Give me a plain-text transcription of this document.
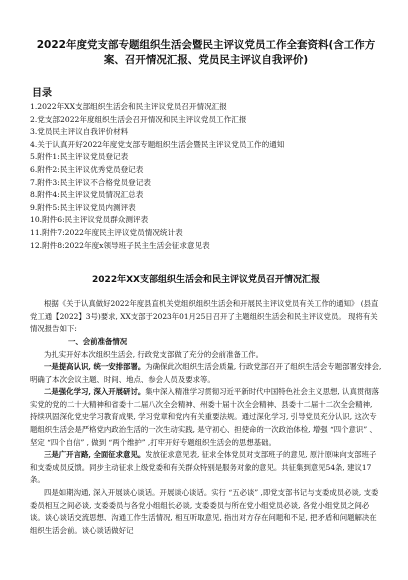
2022年度党支部专题组织生活会暨民主评议党员工作全套资料(含工作方案、召开情况汇报、党员民主评议自我评价)
目录
1.2022年XX支部组织生活会和民主评议党员召开情况汇报
2.党支部2022年度组织生活会召开情况和民主评议党员工作汇报
3.党员民主评议自我评价材料
4.关于认真开好2022年度党支部专题组织生活会暨民主评议党员工作的通知
5.附件1:民主评议党员登记表
6.附件2:民主评议优秀党员登记表
7.附件3:民主评议不合格党员登记表
8.附件4:民主评议党员情况汇总表
9.附件5:民主评议党员内测评表
10.附件6:民主评议党员群众测评表
11.附件7:2022年度民主评议党员情况统计表
12.附件8:2022年度x领导班子民主生活会征求意见表
2022年XX支部组织生活会和民主评议党员召开情况汇报

根据《关于认真做好2022年度县直机关党组织组织生活会和开展民主评议党员有关工作的通知》 (县直党工通【2022】3号)要求, XX支部于2023年01月25日召开了主题组织生活会和民主评议党员。 现将有关情况报告如下:

一、会前准备情况

为扎实开好本次组织生活会, 行政党支部做了充分的会前准备工作。

一是提高认识, 统一安排部署。为确保此次组织生活会质量, 行政党部召开了组织生活会专题部署安排会, 明确了本次会议主题、时间、地点、参会人员及要求等。

二是强化学习, 深入开展研讨。集中深入精准学习贯彻习近平新时代中国特色社会主义思想, 认真贯彻落实党的党的二十大精神和省委十二届八次全会精神、州委十届十次全会精神、县委十二届十二次全会精神, 持续巩固深化党史学习教育成果, 学习党章和党内有关重要法规。通过深化学习, 引导党员充分认识, 这次专题组织生活会是严格党内政治生活的一次生动实践, 是守初心、担使命的一次政治体检, 增强 “四个意识” 、坚定 “四个自信” , 做到 “两个维护” ,打牢开好专题组织生活会的思想基础。

三是广开言路, 全面征求意见。发放征求意见表, 征求全体党员对支部班子的意见, 原汁原味向支部班子和支委成员反馈。同步主动征求上级党委和有关群众特别是服务对象的意见。共征集到意见54条, 建议17条。

四是如期沟通, 深入开展谈心谈话。开展谈心谈话。实行 “五必谈” ,即党支部书记与支委成员必谈, 支委委员相互之间必谈, 支委委员与各党小组组长必谈, 支委委员与所在党小组党员必谈, 各党小组党员之间必谈。谈心谈话交流思想、沟通工作生活情况, 相互听取意见, 指出对方存在问题和不足, 把矛盾和问题解决在组织生活会前。谈心谈话做好记
